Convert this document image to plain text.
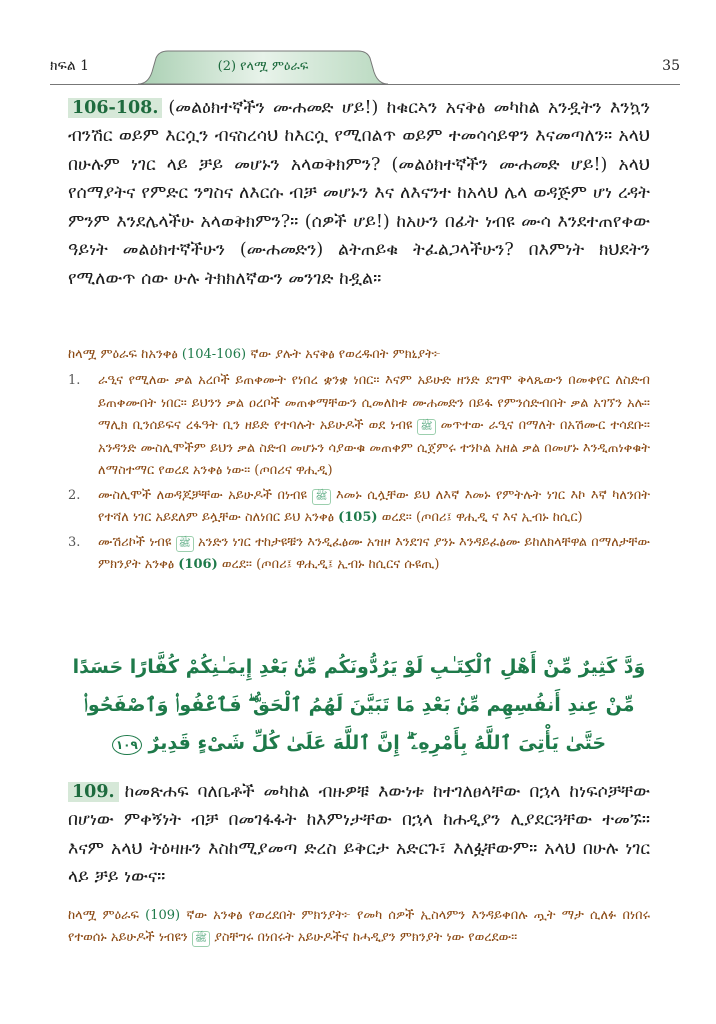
ክፍል 1	(2) የላሟ ምዕራፍ	35

106-108. (መልዕክተኛችን ሙሐመድ ሆይ!) ከቁርኣን አናቅፅ መካከል አንዷትን እንኳን ብንሽር ወይም እርሷን ብናስረሳህ ከእርሷ የሚበልጥ ወይም ተመሳሳይዋን እናመጣለን። አላህ በሁሉም ነገር ላይ ቻይ መሆኑን አላወቅክምን? (መልዕክተኛችን ሙሐመድ ሆይ!) አላህ የሰማያትና የምድር ንግስና ለእርሱ ብቻ መሆኑን እና ለእናንተ ከአላህ ሌላ ወዳጅም ሆነ ረዳት ምንም እንደሌላችሁ አላወቅክምን?። (ሰዎች ሆይ!) ከአሁን በፊት ነብዩ ሙሳ እንደተጠየቀው ዓይነት መልዕክተኛችሁን (ሙሐመድን) ልትጠይቁ ትፈልጋላችሁን? በእምነት ክህደትን የሚለውጥ ሰው ሁሉ ትክክለኛውን መንገድ ከዷል።

ከላሟ ምዕራፍ ከአንቀፅ (104-106) ኛው ያሉት አናቅፅ የወረዱበት ምክኒያት፦

1. ራዒና የሚለው ቃል አረቦች ይጠቀሙት የነበረ ቋንቋ ነበር። እናም አይሁድ ዘንድ ደግሞ ቅላጼውን በመቀየር ለስድብ ይጠቀሙበት ነበር። ይህንን ቃል ዐረቦች መጠቀማቸውን ሲመለከቱ ሙሐመድን በይፋ የምንሰድብበት ቃል አገኘን አሉ። ማሊክ ቢንሰይፍና ረፋዓት ቢን ዘይድ የተባሉት አይሁዶች ወደ ነብዩ ﷺ መጥተው ራዒና በማለት በአሽሙር ተሳደቡ። አንዳንድ ሙስሊሞችም ይህን ቃል ስድብ መሆኑን ሳያውቁ መጠቀም ሲጀምሩ ተንኮል አዘል ቃል በመሆኑ እንዲጠነቀቁት ለማስተማር የወረደ አንቀፅ ነው። (ጦበሪና ዋሒዲ)
2. ሙስሊሞች ለወዳጆቻቸው አይሁዶች በነብዩ ﷺ እመኑ ሲሏቸው ይህ ለእኛ እመኑ የምትሉት ነገር እኮ እኛ ካለንበት የተሻለ ነገር አይደለም ይሏቸው ስለነበር ይህ አንቀፅ (105) ወረደ። (ጦበሪ፤ ዋሒዲ ና እና ኢብኑ ከሲር)
3. ሙሽሪኮች ነብዩ ﷺ አንድን ነገር ተከታዩቹን እንዲፈፅሙ አዝዞ እንደገና ያንኑ እንዳይፈፅሙ ይከለክላቸዋል በማለታቸው ምክንያት አንቀፅ (106) ወረደ። (ጦበሪ፤ ዋሒዲ፤ ኢብኑ ከሲርና ሱዩጢ)
وَدَّ كَثِيرٌ مِّنْ أَهْلِ ٱلْكِتَـٰبِ لَوْ يَرُدُّونَكُم مِّنۢ بَعْدِ إِيمَـٰنِكُمْ كُفَّارًا حَسَدًا مِّنْ عِندِ أَنفُسِهِم مِّنۢ بَعْدِ مَا تَبَيَّنَ لَهُمُ ٱلْحَقُّ ۖ فَٱعْفُوا۟ وَٱصْفَحُوا۟ حَتَّىٰ يَأْتِىَ ٱللَّهُ بِأَمْرِهِۦٓ ۗ إِنَّ ٱللَّهَ عَلَىٰ كُلِّ شَىْءٍ قَدِيرٌ ١٠٩

109. ከመጽሐፍ ባለቤቶች መካከል ብዙዎቹ እውነቱ ከተገለፀላቸው በኋላ ከነፍሶቻቸው በሆነው ምቀኝነት ብቻ በመገፋፋት ከእምነታቸው በኋላ ከሐዲያን ሊያደርጓቸው ተመኙ። እናም አላህ ትዕዛዙን እስከሚያመጣ ድረስ ይቅርታ አድርጉ፣ እለፏቸውም። አላህ በሁሉ ነገር ላይ ቻይ ነውና።

ከላሟ ምዕራፍ (109) ኛው አንቀፅ የወረደበት ምክንያት፦ የመካ ሰዎች ኢስላምን እንዳይቀበሉ ጧት ማታ ሲለፉ በነበሩ የተወሰኑ አይሁዶች ነብዩን ﷺ ያስቸግሩ በነበሩት አይሁዶችና ከሓዲያን ምክንያት ነው የወረደው።
